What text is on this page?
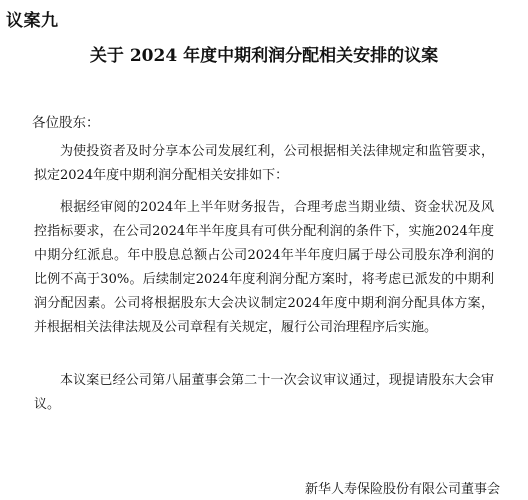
议案九
关于 2024 年度中期利润分配相关安排的议案
各位股东：

为使投资者及时分享本公司发展红利，公司根据相关法律规定和监管要求，拟定2024年度中期利润分配相关安排如下：

根据经审阅的2024年上半年财务报告，合理考虑当期业绩、资金状况及风控指标要求，在公司2024年半年度具有可供分配利润的条件下，实施2024年度中期分红派息。年中股息总额占公司2024年半年度归属于母公司股东净利润的比例不高于30%。后续制定2024年度利润分配方案时，将考虑已派发的中期利润分配因素。公司将根据股东大会决议制定2024年度中期利润分配具体方案，并根据相关法律法规及公司章程有关规定，履行公司治理程序后实施。

本议案已经公司第八届董事会第二十一次会议审议通过，现提请股东大会审议。

新华人寿保险股份有限公司董事会
